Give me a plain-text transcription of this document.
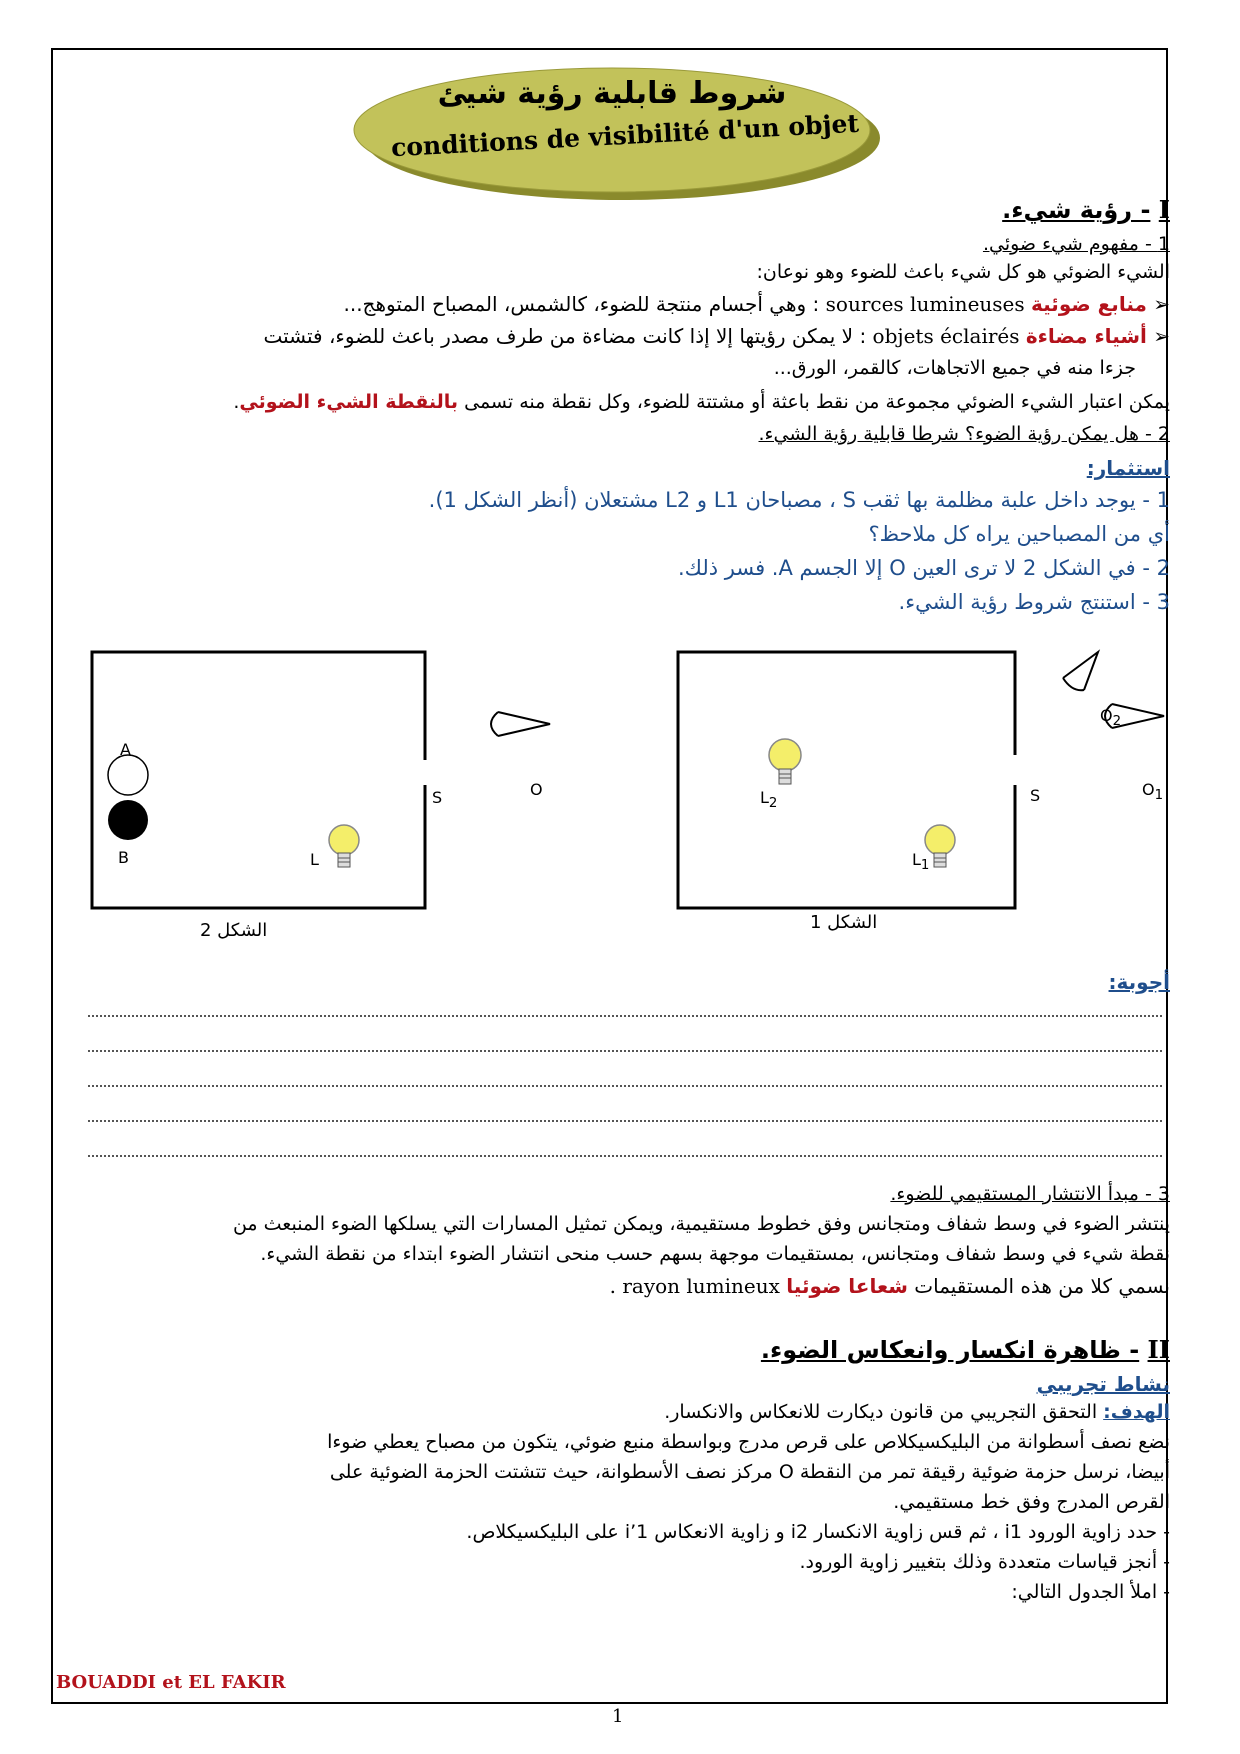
شروط قابلية رؤية شيئ
conditions de visibilité d'un objet
I - رؤية شيء.
1 - مفهوم شيء ضوئي.
الشيء الضوئي هو كل شيء باعث للضوء وهو نوعان:
➢ منابع ضوئية sources lumineuses : وهي أجسام منتجة للضوء، كالشمس، المصباح المتوهج...
➢ أشياء مضاءة objets éclairés : لا يمكن رؤيتها إلا إذا كانت مضاءة من طرف مصدر باعث للضوء، فتشتت
جزءا منه في جميع الاتجاهات، كالقمر، الورق...
يمكن اعتبار الشيء الضوئي مجموعة من نقط باعثة أو مشتتة للضوء، وكل نقطة منه تسمى بالنقطة الشيء الضوئي.
2 - هل يمكن رؤية الضوء؟ شرطا قابلية رؤية الشيء.
استثمار:
1 - يوجد داخل علبة مظلمة بها ثقب S ، مصباحان L1 و L2 مشتعلان (أنظر الشكل 1).
أي من المصباحين يراه كل ملاحظ؟
2 - في الشكل 2 لا ترى العين O إلا الجسم A. فسر ذلك.
3 - استنتج شروط رؤية الشيء.
A
B	L
S	O	$L_2$
$L_1$
S
$O_2$
$O_1$
الشكل 2	الشكل 1
أجوبة:
3 - مبدأ الانتشار المستقيمي للضوء.
ينتشر الضوء في وسط شفاف ومتجانس وفق خطوط مستقيمية، ويمكن تمثيل المسارات التي يسلكها الضوء المنبعث من
نقطة شيء في وسط شفاف ومتجانس، بمستقيمات موجهة بسهم حسب منحى انتشار الضوء ابتداء من نقطة الشيء.
نسمي كلا من هذه المستقيمات شعاعا ضوئيا rayon lumineux .
II - ظاهرة انكسار وانعكاس الضوء.
نشاط تجريبي
الهدف: التحقق التجريبي من قانون ديكارت للانعكاس والانكسار.
نضع نصف أسطوانة من البليكسيكلاص على قرص مدرج وبواسطة منبع ضوئي، يتكون من مصباح يعطي ضوءا
أبيضا، نرسل حزمة ضوئية رقيقة تمر من النقطة O مركز نصف الأسطوانة، حيث تتشتت الحزمة الضوئية على
القرص المدرج وفق خط مستقيمي.
- حدد زاوية الورود i1 ، ثم قس زاوية الانكسار i2 و زاوية الانعكاس i’1 على البليكسيكلاص.
- أنجز قياسات متعددة وذلك بتغيير زاوية الورود.
- املأ الجدول التالي:
BOUADDI et EL FAKIR
1
